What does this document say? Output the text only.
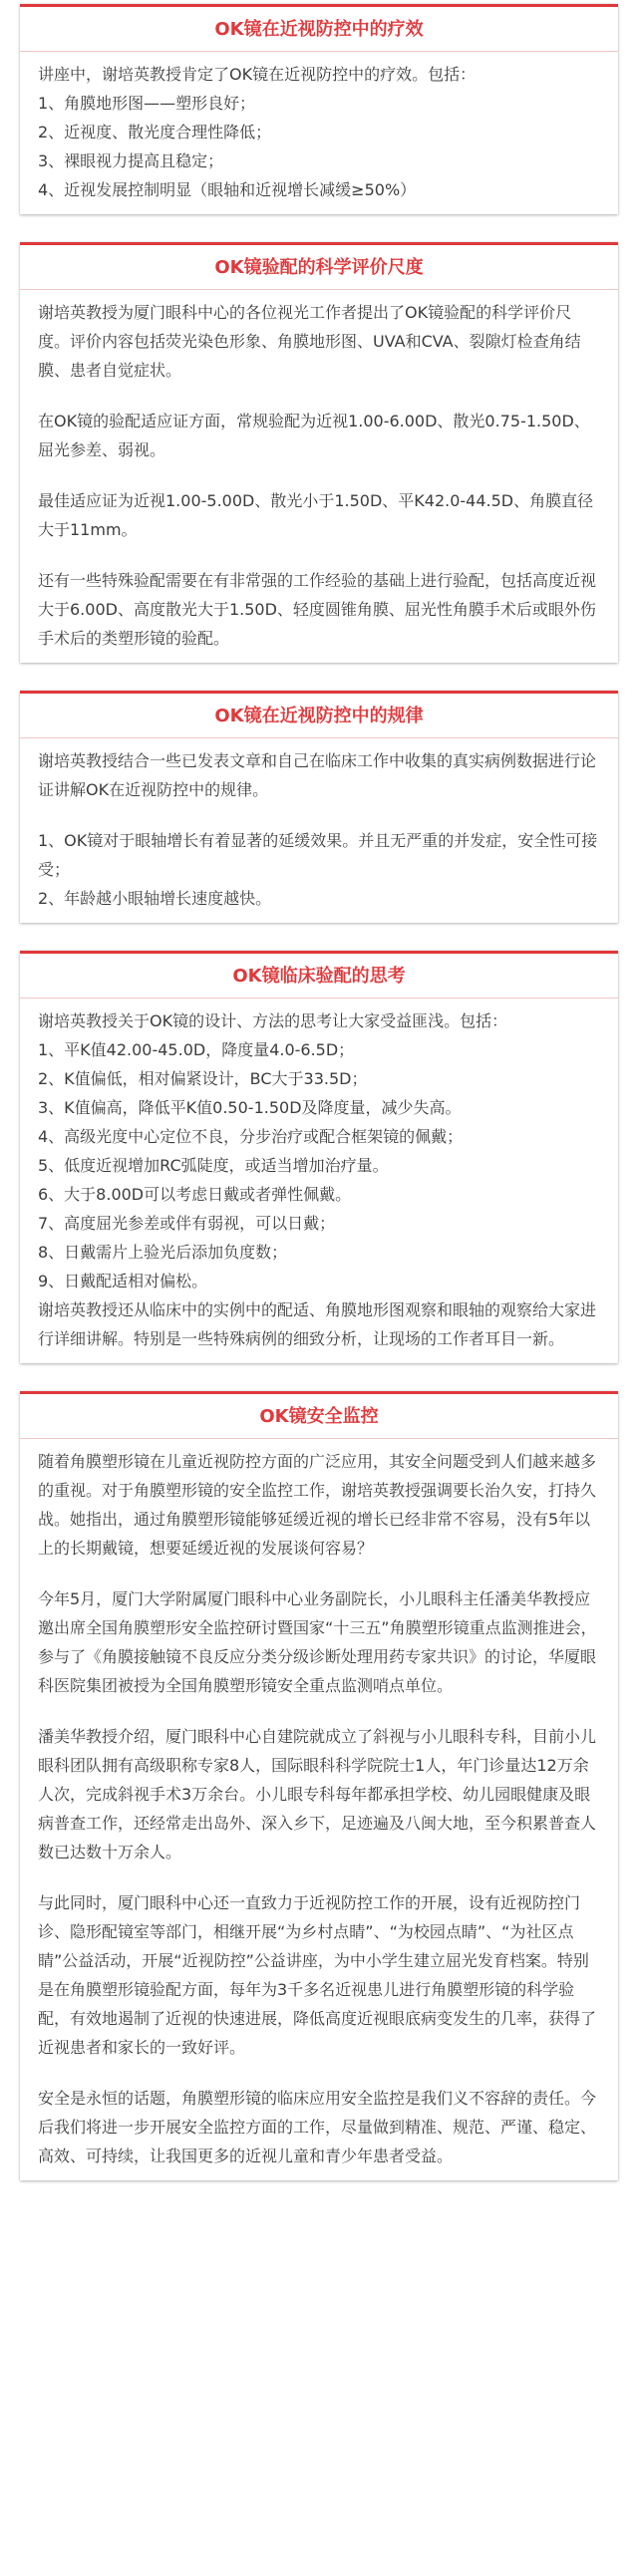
OK镜在近视防控中的疗效

讲座中，谢培英教授肯定了OK镜在近视防控中的疗效。包括：

1、角膜地形图——塑形良好；
2、近视度、散光度合理性降低；
3、裸眼视力提高且稳定；
4、近视发展控制明显（眼轴和近视增长减缓≥50%）
OK镜验配的科学评价尺度

谢培英教授为厦门眼科中心的各位视光工作者提出了OK镜验配的科学评价尺度。评价内容包括荧光染色形象、角膜地形图、UVA和CVA、裂隙灯检查角结膜、患者自觉症状。

在OK镜的验配适应证方面，常规验配为近视1.00-6.00D、散光0.75-1.50D、屈光参差、弱视。

最佳适应证为近视1.00-5.00D、散光小于1.50D、平K42.0-44.5D、角膜直径大于11mm。

还有一些特殊验配需要在有非常强的工作经验的基础上进行验配，包括高度近视大于6.00D、高度散光大于1.50D、轻度圆锥角膜、屈光性角膜手术后或眼外伤手术后的类塑形镜的验配。

OK镜在近视防控中的规律

谢培英教授结合一些已发表文章和自己在临床工作中收集的真实病例数据进行论证讲解OK在近视防控中的规律。

1、OK镜对于眼轴增长有着显著的延缓效果。并且无严重的并发症，安全性可接受；
2、年龄越小眼轴增长速度越快。
OK镜临床验配的思考

谢培英教授关于OK镜的设计、方法的思考让大家受益匪浅。包括：

1、平K值42.00-45.0D，降度量4.0-6.5D；
2、K值偏低，相对偏紧设计，BC大于33.5D；
3、K值偏高，降低平K值0.50-1.50D及降度量，减少失高。
4、高级光度中心定位不良，分步治疗或配合框架镜的佩戴；
5、低度近视增加RC弧陡度，或适当增加治疗量。
6、大于8.00D可以考虑日戴或者弹性佩戴。
7、高度屈光参差或伴有弱视，可以日戴；
8、日戴需片上验光后添加负度数；
9、日戴配适相对偏松。

谢培英教授还从临床中的实例中的配适、角膜地形图观察和眼轴的观察给大家进行详细讲解。特别是一些特殊病例的细致分析，让现场的工作者耳目一新。

OK镜安全监控

随着角膜塑形镜在儿童近视防控方面的广泛应用，其安全问题受到人们越来越多的重视。对于角膜塑形镜的安全监控工作，谢培英教授强调要长治久安，打持久战。她指出，通过角膜塑形镜能够延缓近视的增长已经非常不容易，没有5年以上的长期戴镜，想要延缓近视的发展谈何容易？

今年5月，厦门大学附属厦门眼科中心业务副院长，小儿眼科主任潘美华教授应邀出席全国角膜塑形安全监控研讨暨国家“十三五”角膜塑形镜重点监测推进会，参与了《角膜接触镜不良反应分类分级诊断处理用药专家共识》的讨论，华厦眼科医院集团被授为全国角膜塑形镜安全重点监测哨点单位。

潘美华教授介绍，厦门眼科中心自建院就成立了斜视与小儿眼科专科，目前小儿眼科团队拥有高级职称专家8人，国际眼科科学院院士1人，年门诊量达12万余人次，完成斜视手术3万余台。小儿眼专科每年都承担学校、幼儿园眼健康及眼病普查工作，还经常走出岛外、深入乡下，足迹遍及八闽大地，至今积累普查人数已达数十万余人。

与此同时，厦门眼科中心还一直致力于近视防控工作的开展，设有近视防控门诊、隐形配镜室等部门，相继开展“为乡村点睛”、“为校园点睛”、“为社区点睛”公益活动，开展“近视防控”公益讲座，为中小学生建立屈光发育档案。特别是在角膜塑形镜验配方面，每年为3千多名近视患儿进行角膜塑形镜的科学验配，有效地遏制了近视的快速进展，降低高度近视眼底病变发生的几率，获得了近视患者和家长的一致好评。

安全是永恒的话题，角膜塑形镜的临床应用安全监控是我们义不容辞的责任。今后我们将进一步开展安全监控方面的工作，尽量做到精准、规范、严谨、稳定、高效、可持续，让我国更多的近视儿童和青少年患者受益。
